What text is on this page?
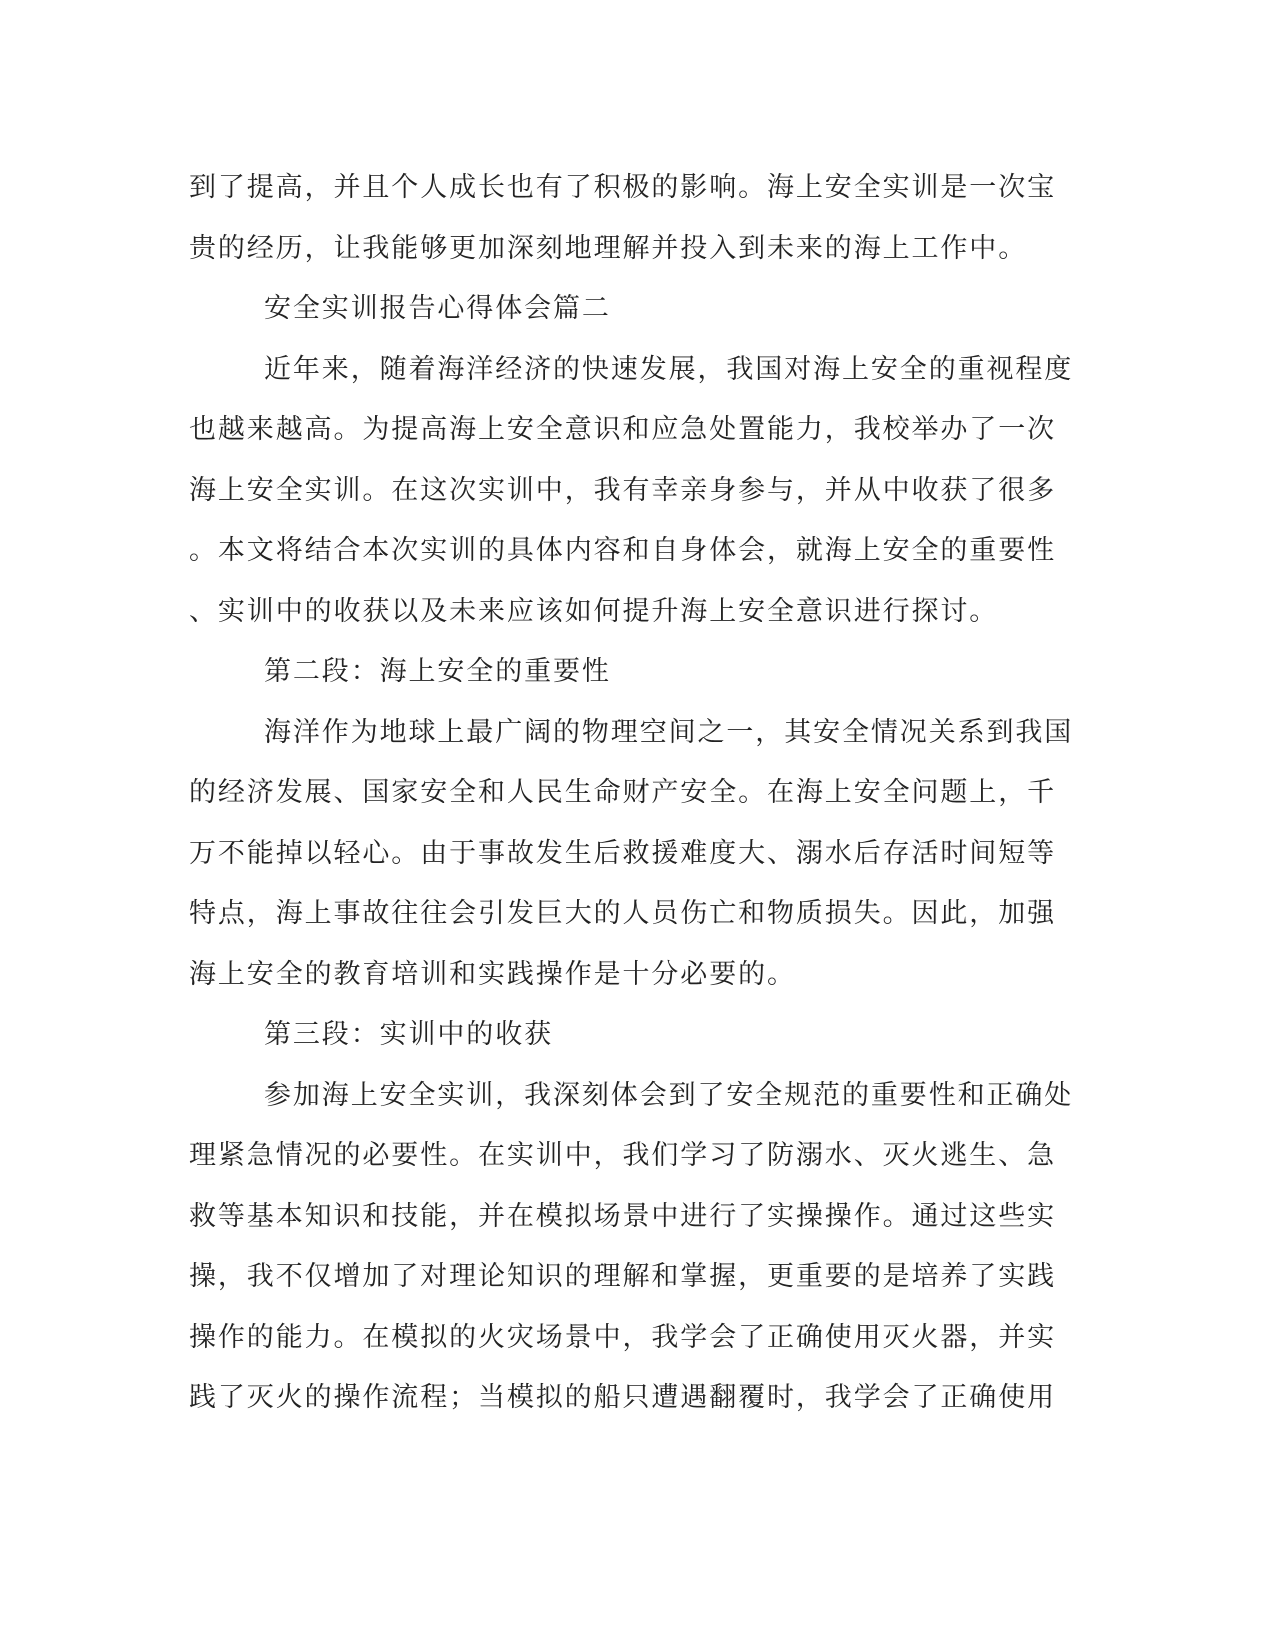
到了提高，并且个人成长也有了积极的影响。海上安全实训是一次宝
贵的经历，让我能够更加深刻地理解并投入到未来的海上工作中。
安全实训报告心得体会篇二
近年来，随着海洋经济的快速发展，我国对海上安全的重视程度
也越来越高。为提高海上安全意识和应急处置能力，我校举办了一次
海上安全实训。在这次实训中，我有幸亲身参与，并从中收获了很多
。本文将结合本次实训的具体内容和自身体会，就海上安全的重要性
、实训中的收获以及未来应该如何提升海上安全意识进行探讨。
第二段：海上安全的重要性
海洋作为地球上最广阔的物理空间之一，其安全情况关系到我国
的经济发展、国家安全和人民生命财产安全。在海上安全问题上，千
万不能掉以轻心。由于事故发生后救援难度大、溺水后存活时间短等
特点，海上事故往往会引发巨大的人员伤亡和物质损失。因此，加强
海上安全的教育培训和实践操作是十分必要的。
第三段：实训中的收获
参加海上安全实训，我深刻体会到了安全规范的重要性和正确处
理紧急情况的必要性。在实训中，我们学习了防溺水、灭火逃生、急
救等基本知识和技能，并在模拟场景中进行了实操操作。通过这些实
操，我不仅增加了对理论知识的理解和掌握，更重要的是培养了实践
操作的能力。在模拟的火灾场景中，我学会了正确使用灭火器，并实
践了灭火的操作流程；当模拟的船只遭遇翻覆时，我学会了正确使用
